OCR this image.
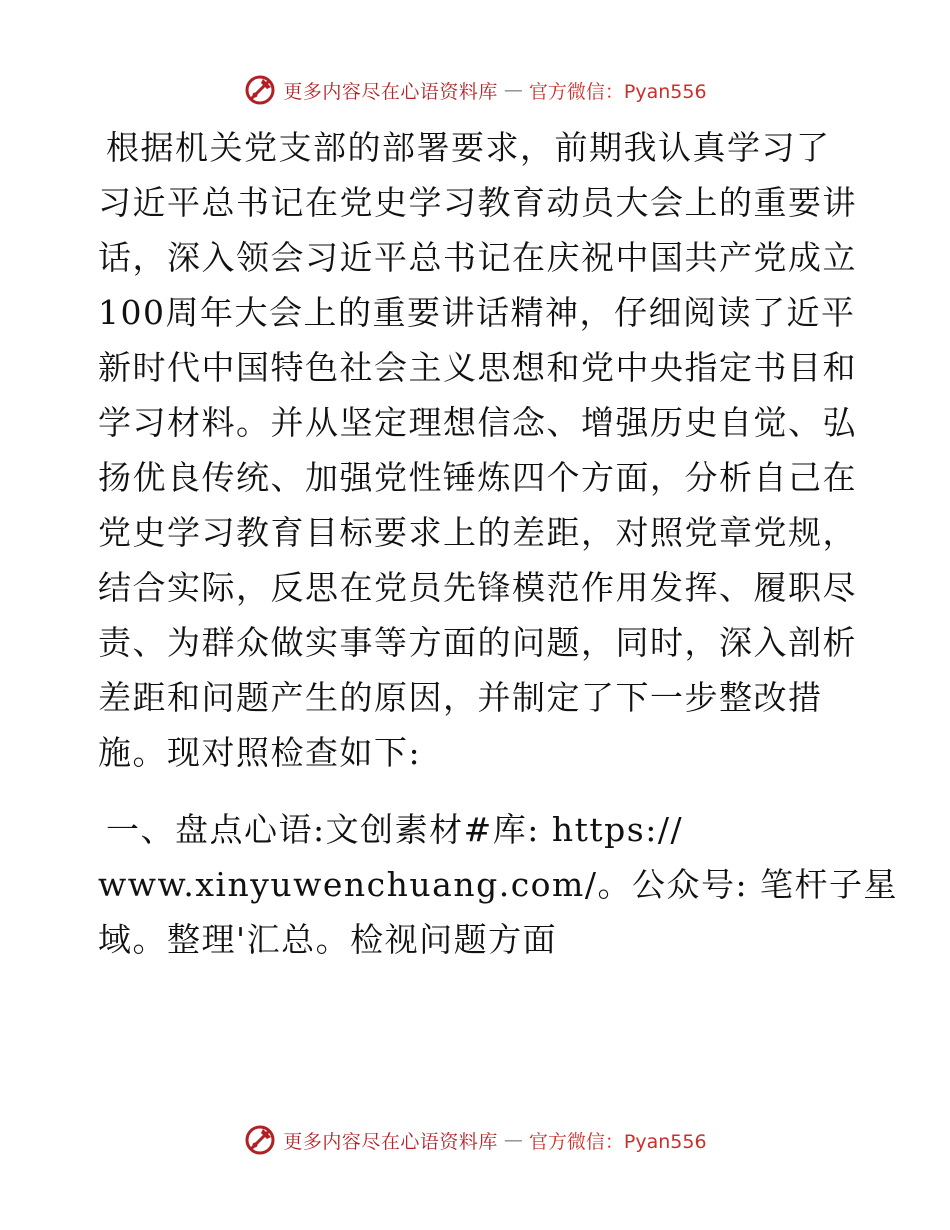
更多内容尽在心语资料库 — 官方微信：Pyan556

根据机关党支部的部署要求，前期我认真学习了习近平总书记在党史学习教育动员大会上的重要讲话，深入领会习近平总书记在庆祝中国共产党成立100周年大会上的重要讲话精神，仔细阅读了近平新时代中国特色社会主义思想和党中央指定书目和学习材料。并从坚定理想信念、增强历史自觉、弘扬优良传统、加强党性锤炼四个方面，分析自己在党史学习教育目标要求上的差距，对照党章党规，结合实际，反思在党员先锋模范作用发挥、履职尽责、为群众做实事等方面的问题，同时，深入剖析差距和问题产生的原因，并制定了下一步整改措施。现对照检查如下:

一、盘点心语:文创素材#库: https://
www.xinyuwenchuang.com/。公众号: 笔杆子星
域。整理'汇总。检视问题方面
更多内容尽在心语资料库 — 官方微信：Pyan556
